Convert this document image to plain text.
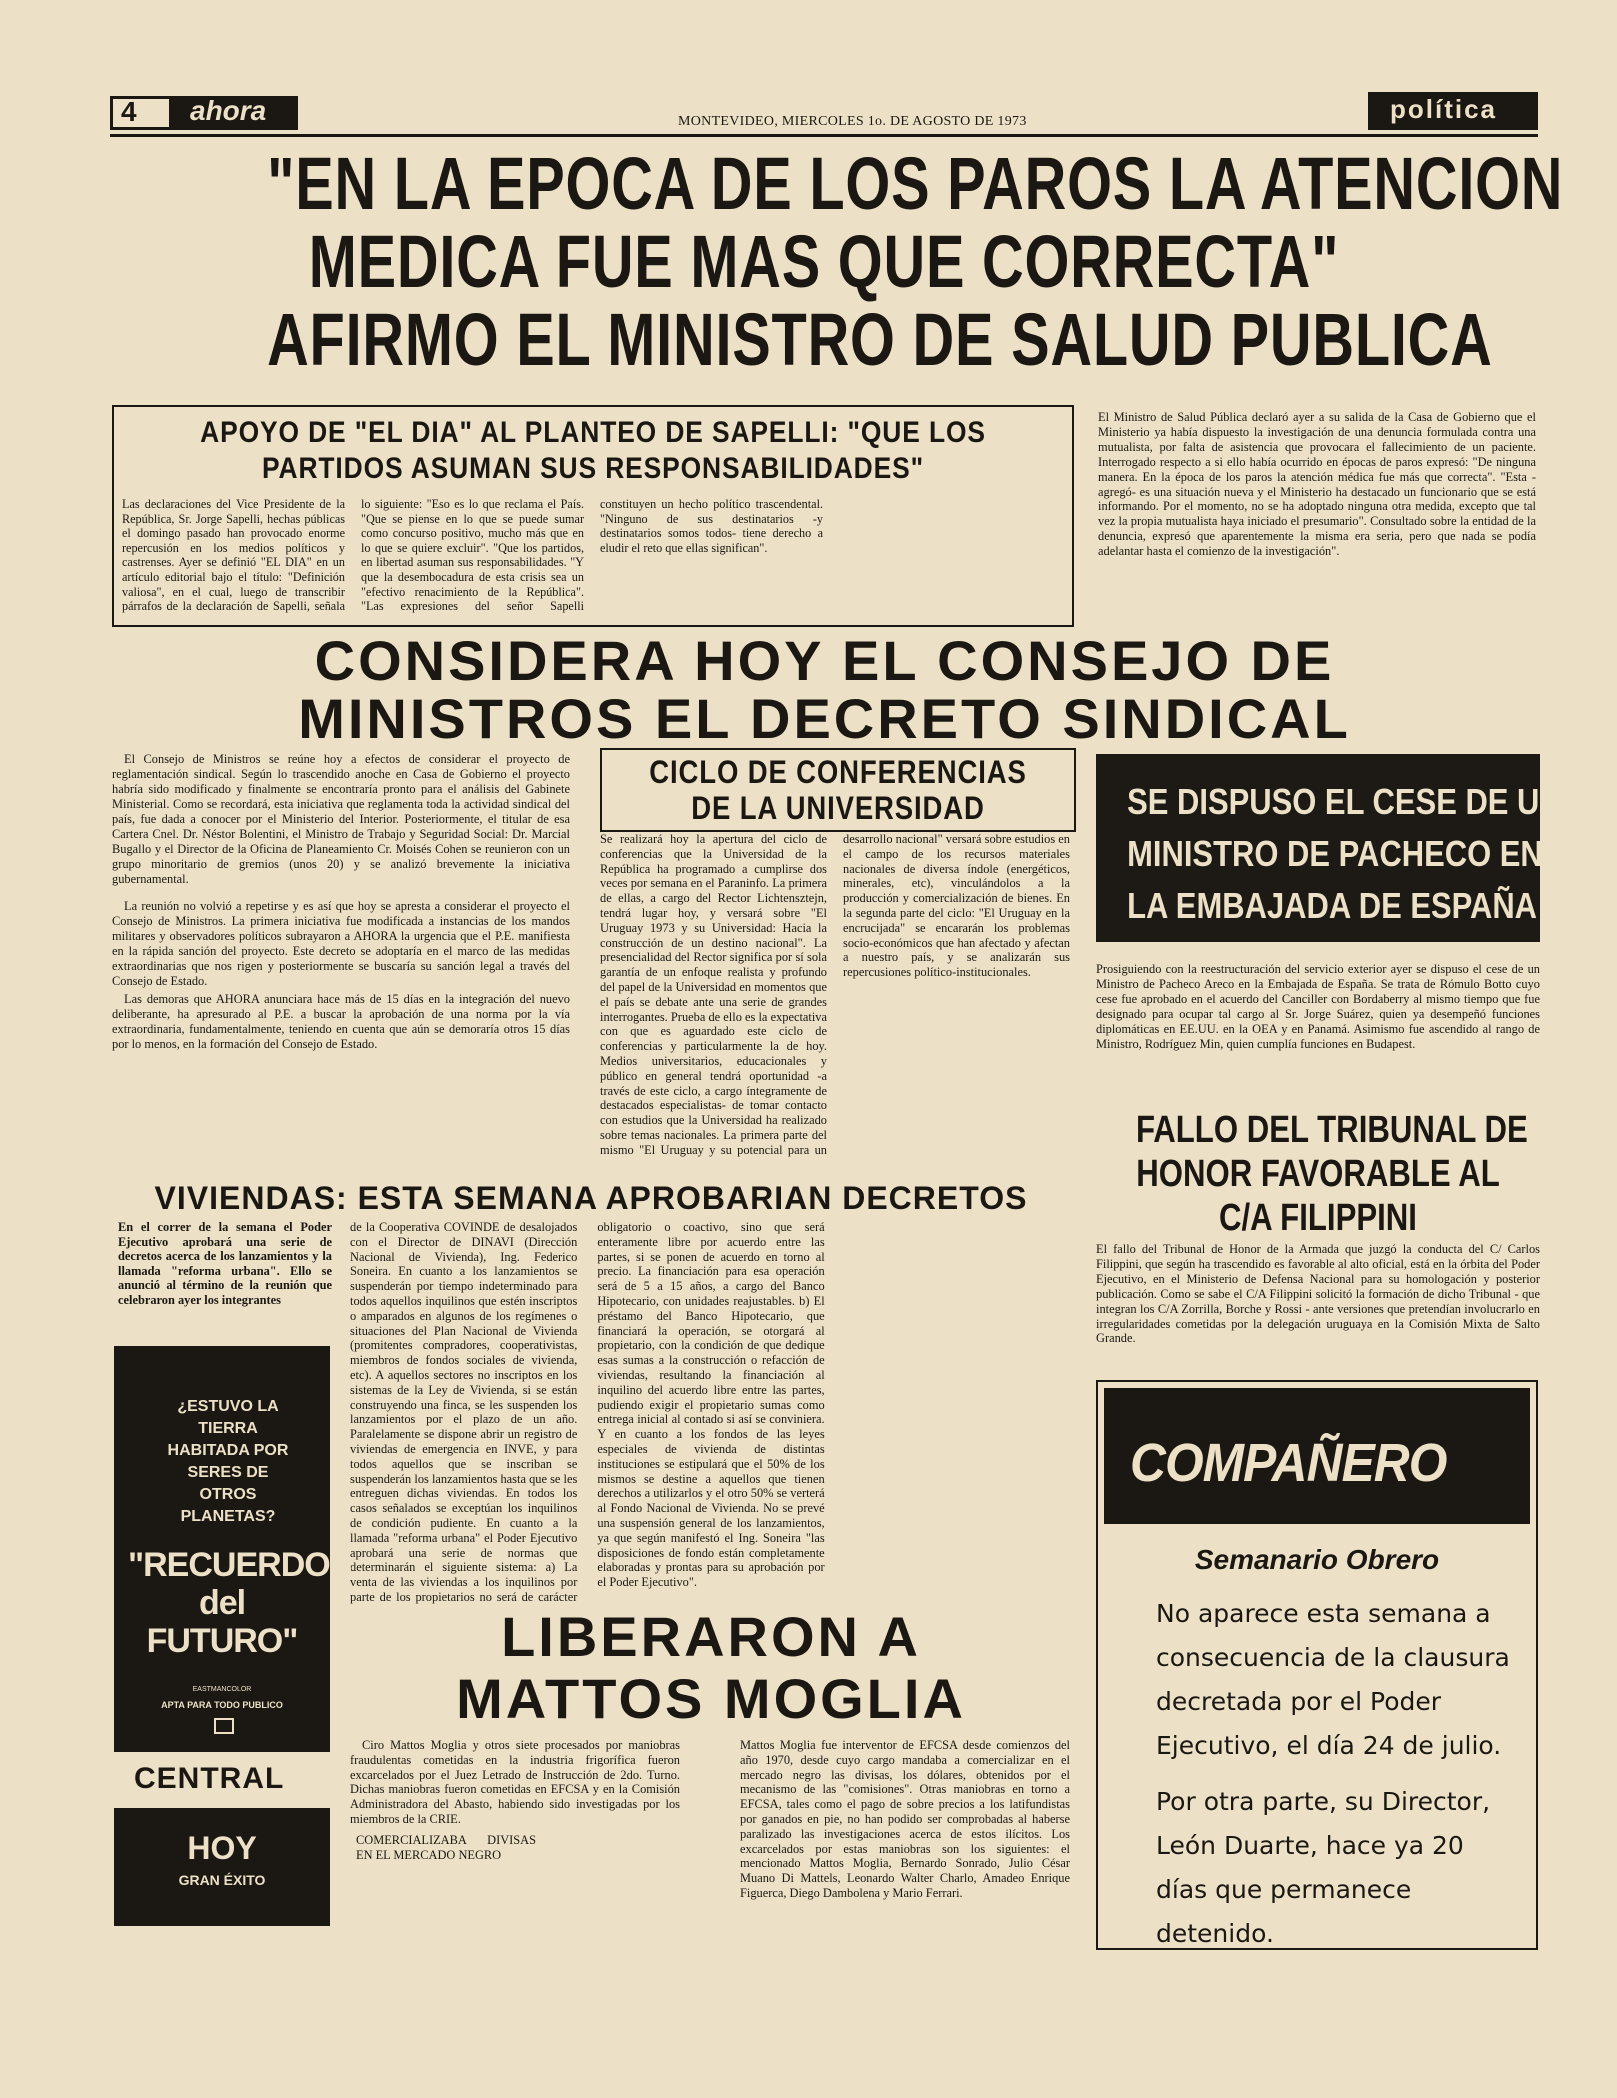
4 ahora	MONTEVIDEO, MIERCOLES 1o. DE AGOSTO DE 1973	política
"EN LA EPOCA DE LOS PAROS LA ATENCION
MEDICA FUE MAS QUE CORRECTA"
AFIRMO EL MINISTRO DE SALUD PUBLICA
APOYO DE "EL DIA" AL PLANTEO DE SAPELLI: "QUE LOS
PARTIDOS ASUMAN SUS RESPONSABILIDADES"
Las declaraciones del Vice Presidente de la República, Sr. Jorge Sapelli, hechas públicas el domingo pasado han provocado enorme repercusión en los medios políticos y castrenses. Ayer se definió "EL DIA" en un artículo editorial bajo el título: "Definición valiosa", en el cual, luego de transcribir párrafos de la declaración de Sapelli, señala lo siguiente: "Eso es lo que reclama el País. "Que se piense en lo que se puede sumar como concurso positivo, mucho más que en lo que se quiere excluir". "Que los partidos, en libertad asuman sus responsabilidades. "Y que la desembocadura de esta crisis sea un "efectivo renacimiento de la República". "Las expresiones del señor Sapelli constituyen un hecho político trascendental. "Ninguno de sus destinatarios -y destinatarios somos todos- tiene derecho a eludir el reto que ellas significan".
El Ministro de Salud Pública declaró ayer a su salida de la Casa de Gobierno que el Ministerio ya había dispuesto la investigación de una denuncia formulada contra una mutualista, por falta de asistencia que provocara el fallecimiento de un paciente. Interrogado respecto a si ello había ocurrido en épocas de paros expresó: "De ninguna manera. En la época de los paros la atención médica fue más que correcta". "Esta -agregó- es una situación nueva y el Ministerio ha destacado un funcionario que se está informando. Por el momento, no se ha adoptado ninguna otra medida, excepto que tal vez la propia mutualista haya iniciado el presumario". Consultado sobre la entidad de la denuncia, expresó que aparentemente la misma era seria, pero que nada se podía adelantar hasta el comienzo de la investigación".
CONSIDERA HOY EL CONSEJO DE
MINISTROS EL DECRETO SINDICAL

El Consejo de Ministros se reúne hoy a efectos de considerar el proyecto de reglamentación sindical. Según lo trascendido anoche en Casa de Gobierno el proyecto habría sido modificado y finalmente se encontraría pronto para el análisis del Gabinete Ministerial. Como se recordará, esta iniciativa que reglamenta toda la actividad sindical del país, fue dada a conocer por el Ministerio del Interior. Posteriormente, el titular de esa Cartera Cnel. Dr. Néstor Bolentini, el Ministro de Trabajo y Seguridad Social: Dr. Marcial Bugallo y el Director de la Oficina de Planeamiento Cr. Moisés Cohen se reunieron con un grupo minoritario de gremios (unos 20) y se analizó brevemente la iniciativa gubernamental.

La reunión no volvió a repetirse y es así que hoy se apresta a considerar el proyecto el Consejo de Ministros. La primera iniciativa fue modificada a instancias de los mandos militares y observadores políticos subrayaron a AHORA la urgencia que el P.E. manifiesta en la rápida sanción del proyecto. Este decreto se adoptaría en el marco de las medidas extraordinarias que nos rigen y posteriormente se buscaría su sanción legal a través del Consejo de Estado.

Las demoras que AHORA anunciara hace más de 15 días en la integración del nuevo deliberante, ha apresurado al P.E. a buscar la aprobación de una norma por la vía extraordinaria, fundamentalmente, teniendo en cuenta que aún se demoraría otros 15 días por lo menos, en la formación del Consejo de Estado.

CICLO DE CONFERENCIAS
DE LA UNIVERSIDAD
Se realizará hoy la apertura del ciclo de conferencias que la Universidad de la República ha programado a cumplirse dos veces por semana en el Paraninfo. La primera de ellas, a cargo del Rector Lichtensztejn, tendrá lugar hoy, y versará sobre "El Uruguay 1973 y su Universidad: Hacia la construcción de un destino nacional". La presencialidad del Rector significa por sí sola garantía de un enfoque realista y profundo del papel de la Universidad en momentos que el país se debate ante una serie de grandes interrogantes. Prueba de ello es la expectativa con que es aguardado este ciclo de conferencias y particularmente la de hoy. Medios universitarios, educacionales y público en general tendrá oportunidad -a través de este ciclo, a cargo íntegramente de destacados especialistas- de tomar contacto con estudios que la Universidad ha realizado sobre temas nacionales. La primera parte del mismo "El Uruguay y su potencial para un desarrollo nacional" versará sobre estudios en el campo de los recursos materiales nacionales de diversa índole (energéticos, minerales, etc), vinculándolos a la producción y comercialización de bienes. En la segunda parte del ciclo: "El Uruguay en la encrucijada" se encararán los problemas socio-económicos que han afectado y afectan a nuestro país, y se analizarán sus repercusiones político-institucionales.
SE DISPUSO EL CESE DE UN
MINISTRO DE PACHECO EN
LA EMBAJADA DE ESPAÑA
Prosiguiendo con la reestructuración del servicio exterior ayer se dispuso el cese de un Ministro de Pacheco Areco en la Embajada de España. Se trata de Rómulo Botto cuyo cese fue aprobado en el acuerdo del Canciller con Bordaberry al mismo tiempo que fue designado para ocupar tal cargo al Sr. Jorge Suárez, quien ya desempeñó funciones diplomáticas en EE.UU. en la OEA y en Panamá. Asimismo fue ascendido al rango de Ministro, Rodríguez Min, quien cumplía funciones en Budapest.
FALLO DEL TRIBUNAL DE
HONOR FAVORABLE AL
C/A FILIPPINI
El fallo del Tribunal de Honor de la Armada que juzgó la conducta del C/ Carlos Filippini, que según ha trascendido es favorable al alto oficial, está en la órbita del Poder Ejecutivo, en el Ministerio de Defensa Nacional para su homologación y posterior publicación. Como se sabe el C/A Filippini solicitó la formación de dicho Tribunal - que integran los C/A Zorrilla, Borche y Rossi - ante versiones que pretendían involucrarlo en irregularidades cometidas por la delegación uruguaya en la Comisión Mixta de Salto Grande.
VIVIENDAS: ESTA SEMANA APROBARIAN DECRETOS
En el correr de la semana el Poder Ejecutivo aprobará una serie de decretos acerca de los lanzamientos y la llamada "reforma urbana". Ello se anunció al término de la reunión que celebraron ayer los integrantes
de la Cooperativa COVINDE de desalojados con el Director de DINAVI (Dirección Nacional de Vivienda), Ing. Federico Soneira. En cuanto a los lanzamientos se suspenderán por tiempo indeterminado para todos aquellos inquilinos que estén inscriptos o amparados en algunos de los regímenes o situaciones del Plan Nacional de Vivienda (promitentes compradores, cooperativistas, miembros de fondos sociales de vivienda, etc). A aquellos sectores no inscriptos en los sistemas de la Ley de Vivienda, si se están construyendo una finca, se les suspenden los lanzamientos por el plazo de un año. Paralelamente se dispone abrir un registro de viviendas de emergencia en INVE, y para todos aquellos que se inscriban se suspenderán los lanzamientos hasta que se les entreguen dichas viviendas. En todos los casos señalados se exceptúan los inquilinos de condición pudiente. En cuanto a la llamada "reforma urbana" el Poder Ejecutivo aprobará una serie de normas que determinarán el siguiente sistema: a) La venta de las viviendas a los inquilinos por parte de los propietarios no será de carácter obligatorio o coactivo, sino que será enteramente libre por acuerdo entre las partes, si se ponen de acuerdo en torno al precio. La financiación para esa operación será de 5 a 15 años, a cargo del Banco Hipotecario, con unidades reajustables. b) El préstamo del Banco Hipotecario, que financiará la operación, se otorgará al propietario, con la condición de que dedique esas sumas a la construcción o refacción de viviendas, resultando la financiación al inquilino del acuerdo libre entre las partes, pudiendo exigir el propietario sumas como entrega inicial al contado si así se conviniera. Y en cuanto a los fondos de las leyes especiales de vivienda de distintas instituciones se estipulará que el 50% de los mismos se destine a aquellos que tienen derechos a utilizarlos y el otro 50% se verterá al Fondo Nacional de Vivienda. No se prevé una suspensión general de los lanzamientos, ya que según manifestó el Ing. Soneira "las disposiciones de fondo están completamente elaboradas y prontas para su aprobación por el Poder Ejecutivo".
¿ESTUVO LA TIERRA HABITADA POR SERES DE OTROS PLANETAS?
"RECUERDOS del FUTURO"
EASTMANCOLOR
APTA PARA TODO PUBLICO
CENTRAL
HOY
GRAN ÉXITO
LIBERARON A
MATTOS MOGLIA

Ciro Mattos Moglia y otros siete procesados por maniobras fraudulentas cometidas en la industria frigorífica fueron excarcelados por el Juez Letrado de Instrucción de 2do. Turno. Dichas maniobras fueron cometidas en EFCSA y en la Comisión Administradora del Abasto, habiendo sido investigadas por los miembros de la CRIE.

COMERCIALIZABA DIVISAS EN EL MERCADO NEGRO

Mattos Moglia fue interventor de EFCSA desde comienzos del año 1970, desde cuyo cargo mandaba a comercializar en el mercado negro las divisas, los dólares, obtenidos por el mecanismo de las "comisiones". Otras maniobras en torno a EFCSA, tales como el pago de sobre precios a los latifundistas por ganados en pie, no han podido ser comprobadas al haberse paralizado las investigaciones acerca de estos ilícitos. Los excarcelados por estas maniobras son los siguientes: el mencionado Mattos Moglia, Bernardo Sonrado, Julio César Muano Di Mattels, Leonardo Walter Charlo, Amadeo Enrique Figuerca, Diego Dambolena y Mario Ferrari.
COMPAÑERO
Semanario Obrero
No aparece esta semana a consecuencia de la clausura decretada por el Poder Ejecutivo, el día 24 de julio.
Por otra parte, su Director, León Duarte, hace ya 20 días que permanece detenido.
